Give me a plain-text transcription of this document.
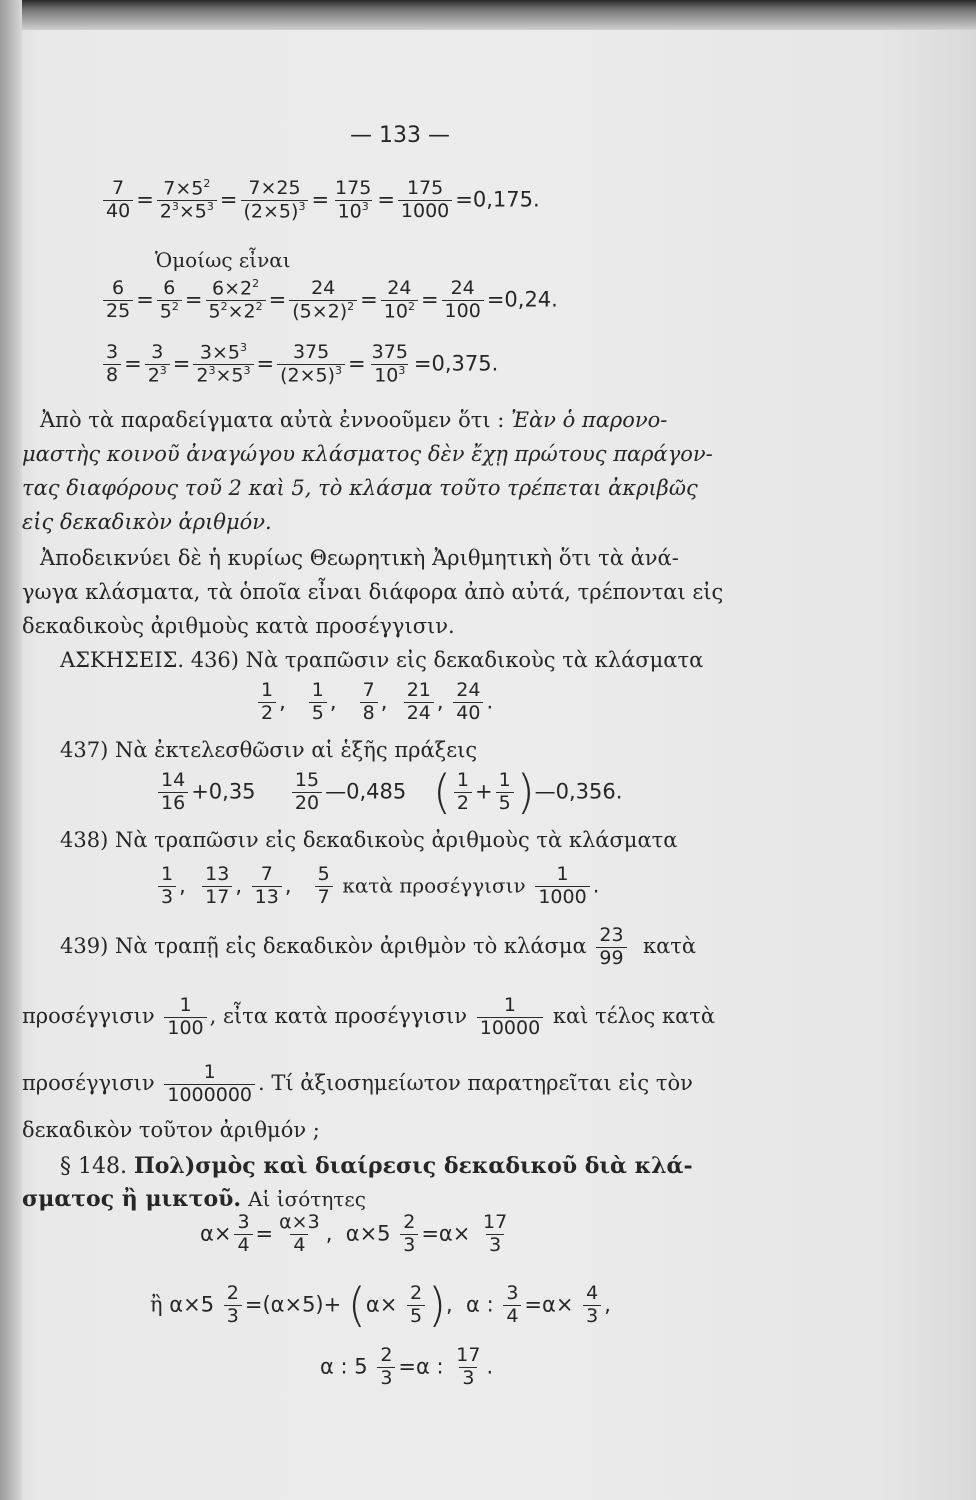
— 133 —
$\frac{7}{40} = \frac{7\times 5^2}{2^3\times 5^3} = \frac{7\times 25}{(2\times 5)^3} = \frac{175}{10^3} = \frac{175}{1000} =0,175$.
Ὁμοίως εἶναι
$\frac{6}{25} = \frac{6}{5^2} = \frac{6\times 2^2}{5^2\times 2^2} = \frac{24}{(5\times 2)^2} = \frac{24}{10^2} = \frac{24}{100} =0,24$.
$\frac{3}{8} = \frac{3}{2^3} = \frac{3\times 5^3}{2^3\times 5^3} = \frac{375}{(2\times 5)^3} = \frac{375}{10^3} =0,375$.
Ἀπὸ τὰ παραδείγματα αὐτὰ ἐννοοῦμεν ὅτι : Ἐὰν ὁ παρονο-
μαστὴς κοινοῦ ἀναγώγου κλάσματος δὲν ἔχῃ πρώτους παράγον-
τας διαφόρους τοῦ 2 καὶ 5, τὸ κλάσμα τοῦτο τρέπεται ἀκριβῶς
εἰς δεκαδικὸν ἀριθμόν.
Ἀποδεικνύει δὲ ἡ κυρίως Θεωρητικὴ Ἀριθμητικὴ ὅτι τὰ ἀνά-
γωγα κλάσματα, τὰ ὁποῖα εἶναι διάφορα ἀπὸ αὐτά, τρέπονται εἰς
δεκαδικοὺς ἀριθμοὺς κατὰ προσέγγισιν.
ΑΣΚΗΣΕΙΣ. 436) Νὰ τραπῶσιν εἰς δεκαδικοὺς τὰ κλάσματα
$\frac{1}{2}$ , $\frac{1}{5}$ , $\frac{7}{8}$ , $\frac{21}{24}$ , $\frac{24}{40}$ .
437) Νὰ ἐκτελεσθῶσιν αἱ ἑξῆς πράξεις
$\frac{14}{16} +0,35 \frac{15}{20}$ —0,485    ( $\frac{1}{2} + \frac{1}{5}$ )—0,356.
438) Νὰ τραπῶσιν εἰς δεκαδικοὺς ἀριθμοὺς τὰ κλάσματα
$\frac{1}{3}$ , $\frac{13}{17}$ , $\frac{7}{13}$ , $\frac{5}{7}$ κατὰ προσέγγισιν $\frac{1}{1000}$ .
439) Νὰ τραπῇ εἰς δεκαδικὸν ἀριθμὸν τὸ κλάσμα $\frac{23}{99}$ κατὰ
προσέγγισιν $\frac{1}{100}$ , εἶτα κατὰ προσέγγισιν $\frac{1}{10000}$ καὶ τέλος κατὰ
προσέγγισιν $\frac{1}{1000000}$ . Τί ἀξιοσημείωτον παρατηρεῖται εἰς τὸν
δεκαδικὸν τοῦτον ἀριθμόν ;
§ 148. Πολ)σμὸς καὶ διαίρεσις δεκαδικοῦ διὰ κλά-
σματος ἢ μικτοῦ. Αἱ ἰσότητες
$\alpha\times \frac{3}{4} = \frac{\alpha\times 3}{4}$ ,  $\alpha\times 5 \frac{2}{3} =\alpha\times \frac{17}{3}$
ἢ $\alpha\times 5 \frac{2}{3} =(\alpha\times 5)+ (\alpha\times \frac{2}{5}$ ),  α : $\frac{3}{4} =\alpha\times \frac{4}{3}$ ,
α : $5 \frac{2}{3} =\alpha$ : $\frac{17}{3}$ .
